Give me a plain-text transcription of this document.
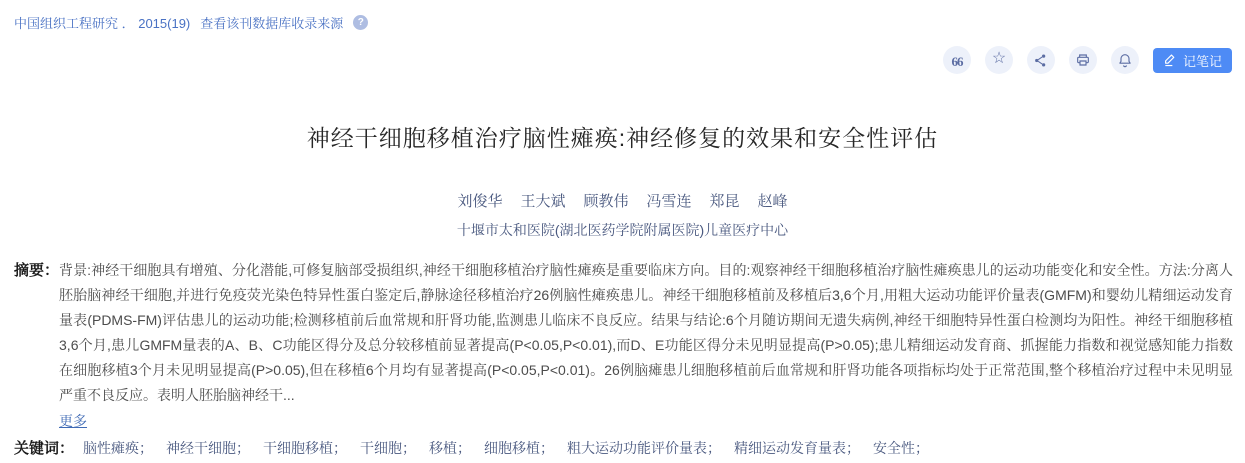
中国组织工程研究 ． 2015(19) 查看该刊数据库收录来源	?
66 ☆	记笔记
神经干细胞移植治疗脑性瘫痪:神经修复的效果和安全性评估
刘俊华 王大斌 顾教伟 冯雪连 郑昆 赵峰
十堰市太和医院(湖北医药学院附属医院)儿童医疗中心
摘要： 背景:神经干细胞具有增殖、分化潜能,可修复脑部受损组织,神经干细胞移植治疗脑性瘫痪是重要临床方向。目的:观察神经干细胞移植治疗脑性瘫痪患儿的运动功能变化和安全性。方法:分离人胚胎脑神经干细胞,并进行免疫荧光染色特异性蛋白鉴定后,静脉途径移植治疗26例脑性瘫痪患儿。神经干细胞移植前及移植后3,6个月,用粗大运动功能评价量表(GMFM)和婴幼儿精细运动发育量表(PDMS-FM)评估患儿的运动功能;检测移植前后血常规和肝肾功能,监测患儿临床不良反应。结果与结论:6个月随访期间无遗失病例,神经干细胞特异性蛋白检测均为阳性。神经干细胞移植3,6个月,患儿GMFM量表的A、B、C功能区得分及总分较移植前显著提高(P<0.05,P<0.01),而D、E功能区得分未见明显提高(P>0.05);患儿精细运动发育商、抓握能力指数和视觉感知能力指数在细胞移植3个月未见明显提高(P>0.05),但在移植6个月均有显著提高(P<0.05,P<0.01)。26例脑瘫患儿细胞移植前后血常规和肝肾功能各项指标均处于正常范围,整个移植治疗过程中未见明显严重不良反应。表明人胚胎脑神经干...

更多
关键词： 脑性瘫痪； 神经干细胞； 干细胞移植； 干细胞； 移植； 细胞移植； 粗大运动功能评价量表； 精细运动发育量表； 安全性；
